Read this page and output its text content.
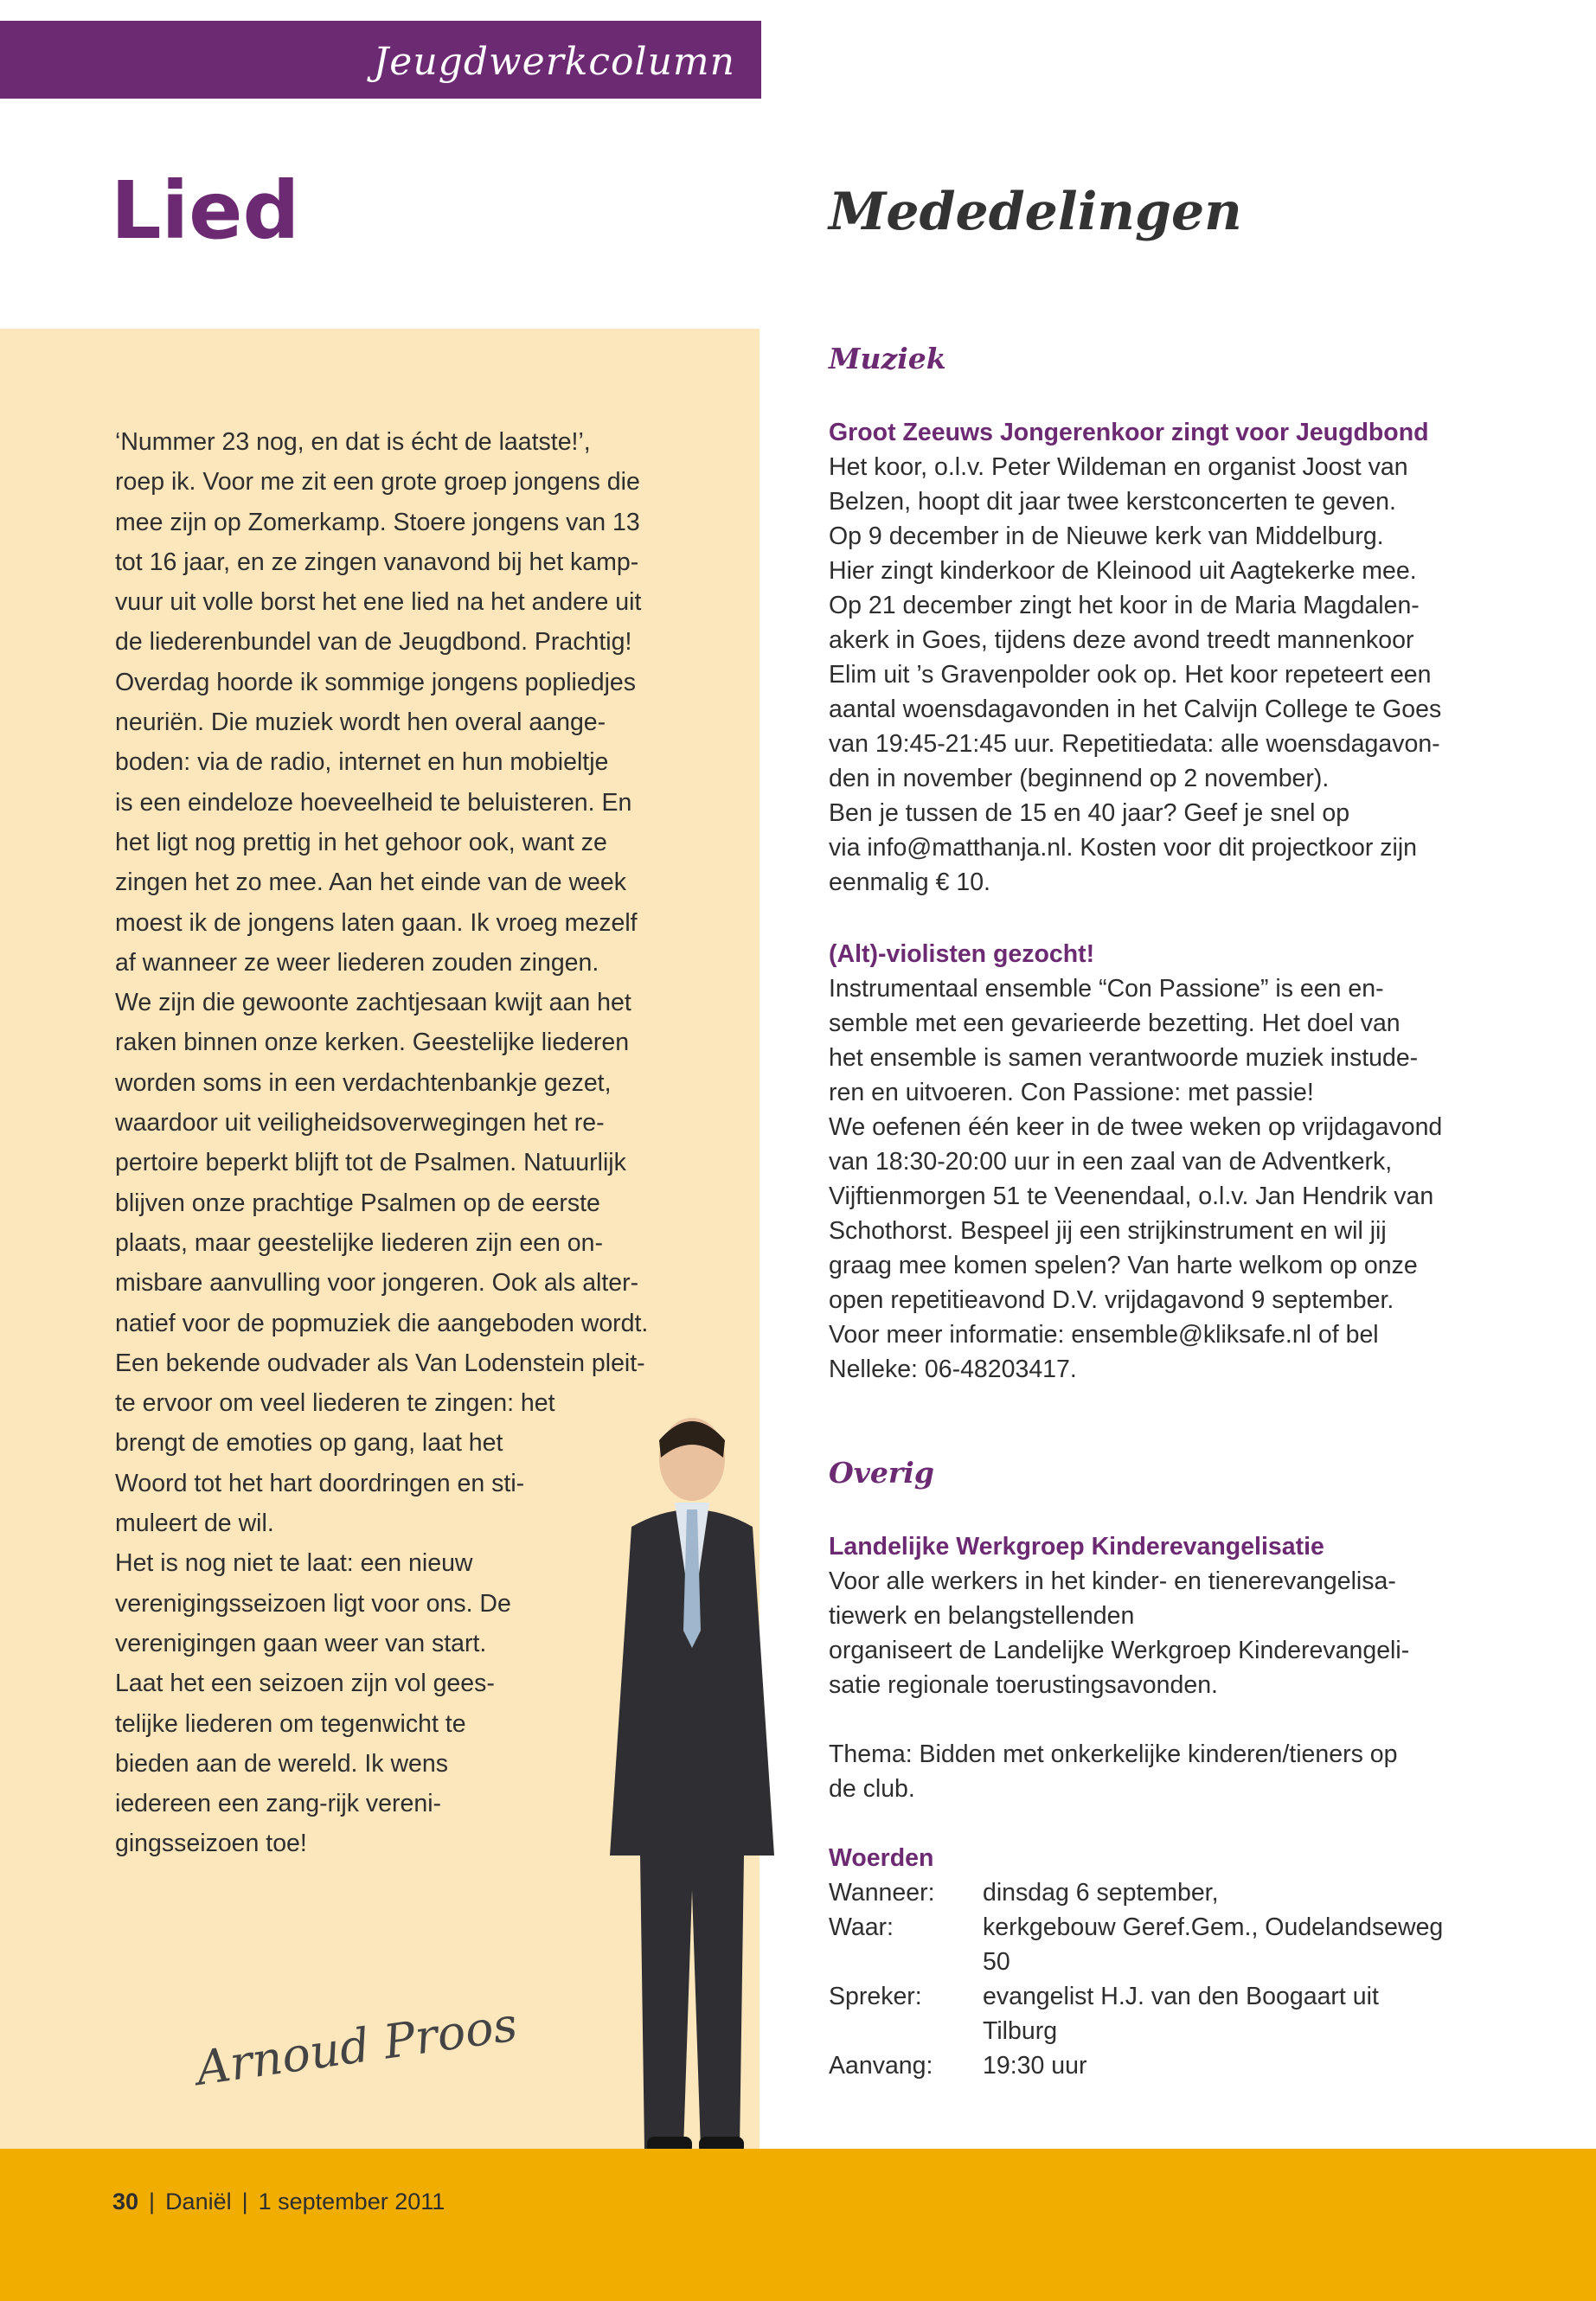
Jeugdwerkcolumn
Lied	Mededelingen

‘Nummer 23 nog, en dat is écht de laatste!’,

roep ik. Voor me zit een grote groep jongens die

mee zijn op Zomerkamp. Stoere jongens van 13

tot 16 jaar, en ze zingen vanavond bij het kamp-

vuur uit volle borst het ene lied na het andere uit

de liederenbundel van de Jeugdbond. Prachtig!

Overdag hoorde ik sommige jongens popliedjes

neuriën. Die muziek wordt hen overal aange-

boden: via de radio, internet en hun mobieltje

is een eindeloze hoeveelheid te beluisteren. En

het ligt nog prettig in het gehoor ook, want ze

zingen het zo mee. Aan het einde van de week

moest ik de jongens laten gaan. Ik vroeg mezelf

af wanneer ze weer liederen zouden zingen.

We zijn die gewoonte zachtjesaan kwijt aan het

raken binnen onze kerken. Geestelijke liederen

worden soms in een verdachtenbankje gezet,

waardoor uit veiligheidsoverwegingen het re-

pertoire beperkt blijft tot de Psalmen. Natuurlijk

blijven onze prachtige Psalmen op de eerste

plaats, maar geestelijke liederen zijn een on-

misbare aanvulling voor jongeren. Ook als alter-

natief voor de popmuziek die aangeboden wordt.

Een bekende oudvader als Van Lodenstein pleit-

te ervoor om veel liederen te zingen: het

brengt de emoties op gang, laat het

Woord tot het hart doordringen en sti-

muleert de wil.

Het is nog niet te laat: een nieuw

verenigingsseizoen ligt voor ons. De

verenigingen gaan weer van start.

Laat het een seizoen zijn vol gees-

telijke liederen om tegenwicht te

bieden aan de wereld. Ik wens

iedereen een zang-rijk vereni-

gingsseizoen toe!

Arnoud Proos
Muziek

Groot Zeeuws Jongerenkoor zingt voor Jeugdbond

Het koor, o.l.v. Peter Wildeman en organist Joost van

Belzen, hoopt dit jaar twee kerstconcerten te geven.

Op 9 december in de Nieuwe kerk van Middelburg.

Hier zingt kinderkoor de Kleinood uit Aagtekerke mee.

Op 21 december zingt het koor in de Maria Magdalen-

akerk in Goes, tijdens deze avond treedt mannenkoor

Elim uit ’s Gravenpolder ook op. Het koor repeteert een

aantal woensdagavonden in het Calvijn College te Goes

van 19:45-21:45 uur. Repetitiedata: alle woensdagavon-

den in november (beginnend op 2 november).

Ben je tussen de 15 en 40 jaar? Geef je snel op

via info@matthanja.nl. Kosten voor dit projectkoor zijn

eenmalig € 10.

(Alt)-violisten gezocht!

Instrumentaal ensemble “Con Passione” is een en-

semble met een gevarieerde bezetting. Het doel van

het ensemble is samen verantwoorde muziek instude-

ren en uitvoeren. Con Passione: met passie!

We oefenen één keer in de twee weken op vrijdagavond

van 18:30-20:00 uur in een zaal van de Adventkerk,

Vijftienmorgen 51 te Veenendaal, o.l.v. Jan Hendrik van

Schothorst. Bespeel jij een strijkinstrument en wil jij

graag mee komen spelen? Van harte welkom op onze

open repetitieavond D.V. vrijdagavond 9 september.

Voor meer informatie: ensemble@kliksafe.nl of bel

Nelleke: 06-48203417.

Overig

Landelijke Werkgroep Kinderevangelisatie

Voor alle werkers in het kinder- en tienerevangelisa-

tiewerk en belangstellenden

organiseert de Landelijke Werkgroep Kinderevangeli-

satie regionale toerustingsavonden.

Thema: Bidden met onkerkelijke kinderen/tieners op

de club.

Woerden

Wanneer:	dinsdag 6 september,

Waar:	kerkgebouw Geref.Gem., Oudelandseweg

50

Spreker:	evangelist H.J. van den Boogaart uit

Tilburg

Aanvang:	19:30 uur

30 | Daniël | 1 september 2011
